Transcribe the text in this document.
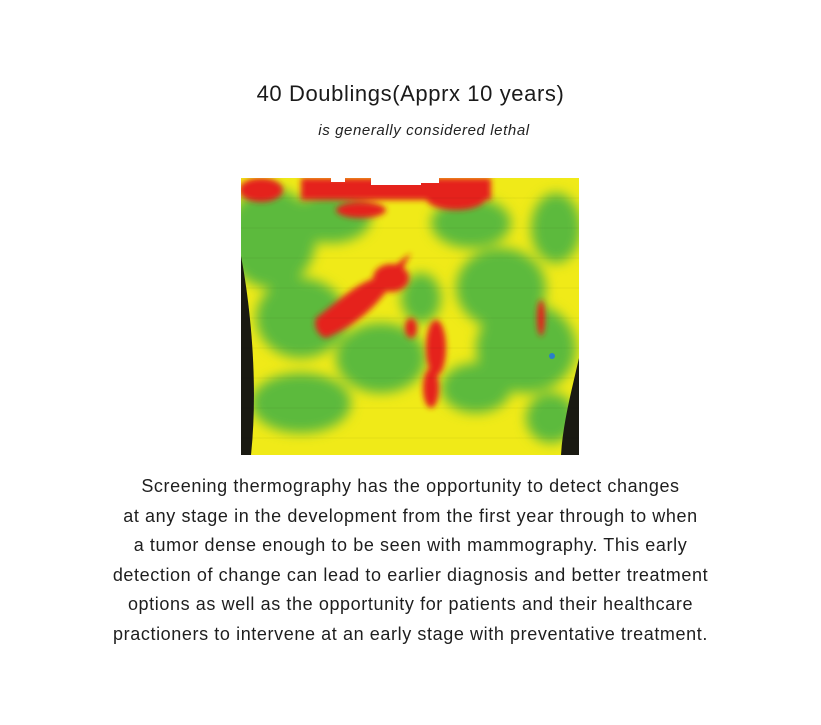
40 Doublings(Apprx 10 years)
is generally considered lethal
Screening thermography has the opportunity to detect changes
at any stage in the development from the first year through to when
a tumor dense enough to be seen with mammography. This early
detection of change can lead to earlier diagnosis and better treatment
options as well as the opportunity for patients and their healthcare
practioners to intervene at an early stage with preventative treatment.
